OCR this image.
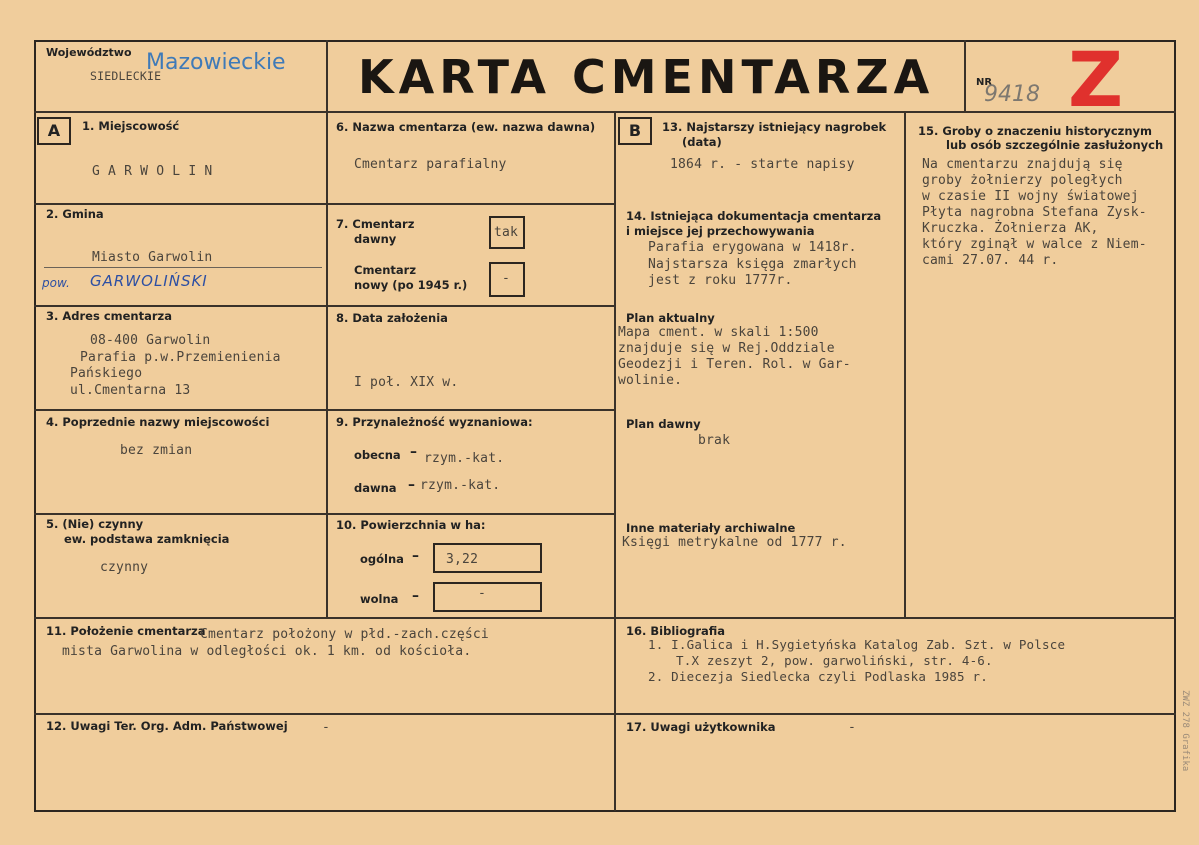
Województwo Mazowieckie
SIEDLECKIE	KARTA CMENTARZA	NR
9418 Z
A	B
1. Miejscowość
G A R W O L I N
2. Gmina
Miasto Garwolin
pow. GARWOLIŃSKI
3. Adres cmentarza
08-400 Garwolin
Parafia p.w.Przemienienia
Pańskiego
ul.Cmentarna 13
4. Poprzednie nazwy miejscowości
bez zmian
5. (Nie) czynny
ew. podstawa zamknięcia
czynny
6. Nazwa cmentarza (ew. nazwa dawna)
Cmentarz parafialny
7. Cmentarz
dawny	tak
Cmentarz
nowy (po 1945 r.)	-
8. Data założenia
I poł. XIX w.
9. Przynależność wyznaniowa:
obecna – rzym.-kat.
dawna – rzym.-kat.
10. Powierzchnia w ha:
ogólna – 3,22
wolna –	-
11. Położenie cmentarza
Cmentarz położony w płd.-zach.części
mista Garwolina w odległości ok. 1 km. od kościoła.
12. Uwagi Ter. Org. Adm. Państwowej	-
13. Najstarszy istniejący nagrobek
(data)
1864 r. - starte napisy
14. Istniejąca dokumentacja cmentarza
i miejsce jej przechowywania
Parafia erygowana w 1418r.
Najstarsza księga zmarłych
jest z roku 1777r.
Plan aktualny
Mapa cment. w skali 1:500
znajduje się w Rej.Oddziale
Geodezji i Teren. Rol. w Gar-
wolinie.
Plan dawny
brak
Inne materiały archiwalne
Księgi metrykalne od 1777 r.
15. Groby o znaczeniu historycznym
lub osób szczególnie zasłużonych
Na cmentarzu znajdują się
groby żołnierzy poległych
w czasie II wojny światowej
Płyta nagrobna Stefana Zysk-
Kruczka. Żołnierza AK,
który zginął w walce z Niem-
cami 27.07. 44 r.
16. Bibliografia
1. I.Galica i H.Sygietyńska Katalog Zab. Szt. w Polsce
T.X zeszyt 2, pow. garwoliński, str. 4-6.
2. Diecezja Siedlecka czyli Podlaska 1985 r.
17. Uwagi użytkownika	-	ZWZ 278 Grafika
